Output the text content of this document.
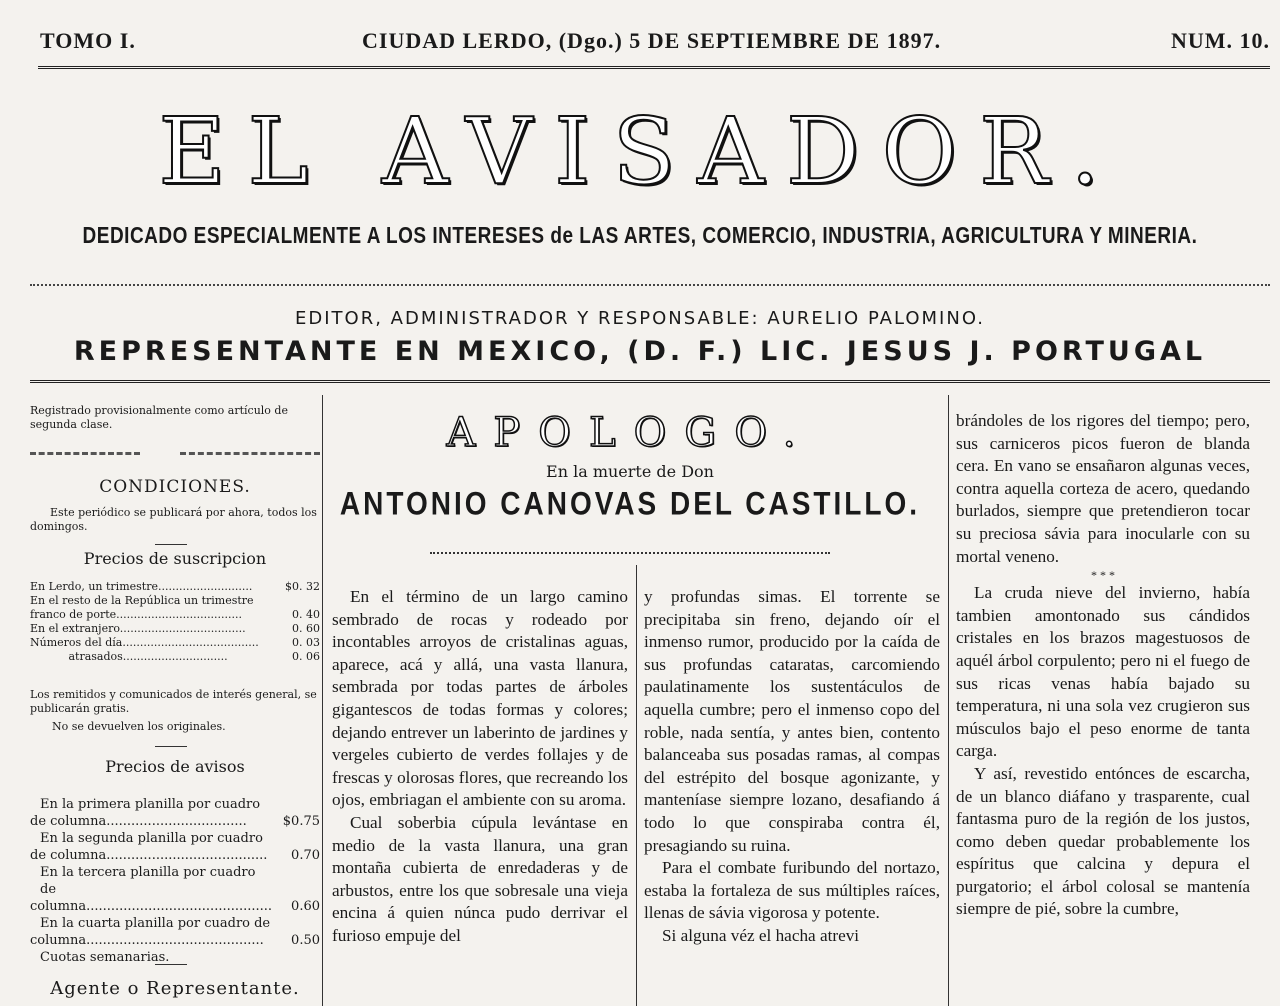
TOMO I.	CIUDAD LERDO, (Dgo.) 5 DE SEPTIEMBRE DE 1897.	NUM. 10.
EL AVISADOR.
DEDICADO ESPECIALMENTE A LOS INTERESES de LAS ARTES, COMERCIO, INDUSTRIA, AGRICULTURA Y MINERIA.
EDITOR, ADMINISTRADOR Y RESPONSABLE: AURELIO PALOMINO.
REPRESENTANTE EN MEXICO, (D. F.) LIC. JESUS J. PORTUGAL
Registrado provisionalmente como artículo de segunda clase.
CONDICIONES.
Este periódico se publicará por ahora, todos los domingos.
Precios de suscripcion
En Lerdo, un trimestre...........................	$0. 32
En el resto de la República un trimestre	
franco de porte....................................	0. 40
En el extranjero....................................	0. 60
Números del día.......................................	0. 03
atrasados..............................	0. 06
Los remitidos y comunicados de interés general, se publicarán gratis.
No se devuelven los originales.
Precios de avisos
En la primera planilla por cuadro	
de columna..................................	$0.75
En la segunda planilla por cuadro	
de columna.......................................	0.70
En la tercera planilla por cuadro de	
columna.............................................	0.60
En la cuarta planilla por cuadro de	
columna...........................................	0.50
Cuotas semanarias.	
Agente o Representante.
APOLOGO.
En la muerte de Don
ANTONIO CANOVAS DEL CASTILLO.

En el término de un largo camino sembrado de rocas y rodeado por incontables arroyos de cristalinas aguas, aparece, acá y allá, una vasta llanura, sembrada por todas partes de árboles gigantescos de todas formas y colores; dejando entrever un laberinto de jardines y vergeles cubierto de verdes follajes y de frescas y olorosas flores, que recreando los ojos, embriagan el ambiente con su aroma.

Cual soberbia cúpula levántase en medio de la vasta llanura, una gran montaña cubierta de enredaderas y de arbustos, entre los que sobresale una vieja encina á quien núnca pudo derrivar el furioso empuje del

y profundas simas. El torrente se precipitaba sin freno, dejando oír el inmenso rumor, producido por la caída de sus profundas cataratas, carcomiendo paulatinamente los sustentáculos de aquella cumbre; pero el inmenso copo del roble, nada sentía, y antes bien, contento balanceaba sus posadas ramas, al compas del estrépito del bosque agonizante, y manteníase siempre lozano, desafiando á todo lo que conspiraba contra él, presagiando su ruina.

Para el combate furibundo del nortazo, estaba la fortaleza de sus múltiples raíces, llenas de sávia vigorosa y potente.

Si alguna véz el hacha atrevi

brándoles de los rigores del tiempo; pero, sus carniceros picos fueron de blanda cera. En vano se ensañaron algunas veces, contra aquella corteza de acero, quedando burlados, siempre que pretendieron tocar su preciosa sávia para inocularle con su mortal veneno.

* * *

La cruda nieve del invierno, había tambien amontonado sus cándidos cristales en los brazos magestuosos de aquél árbol corpulento; pero ni el fuego de sus ricas venas había bajado su temperatura, ni una sola vez crugieron sus músculos bajo el peso enorme de tanta carga.

Y así, revestido entónces de escarcha, de un blanco diáfano y trasparente, cual fantasma puro de la región de los justos, como deben quedar probablemente los espíritus que calcina y depura el purgatorio; el árbol colosal se mantenía siempre de pié, sobre la cumbre,
